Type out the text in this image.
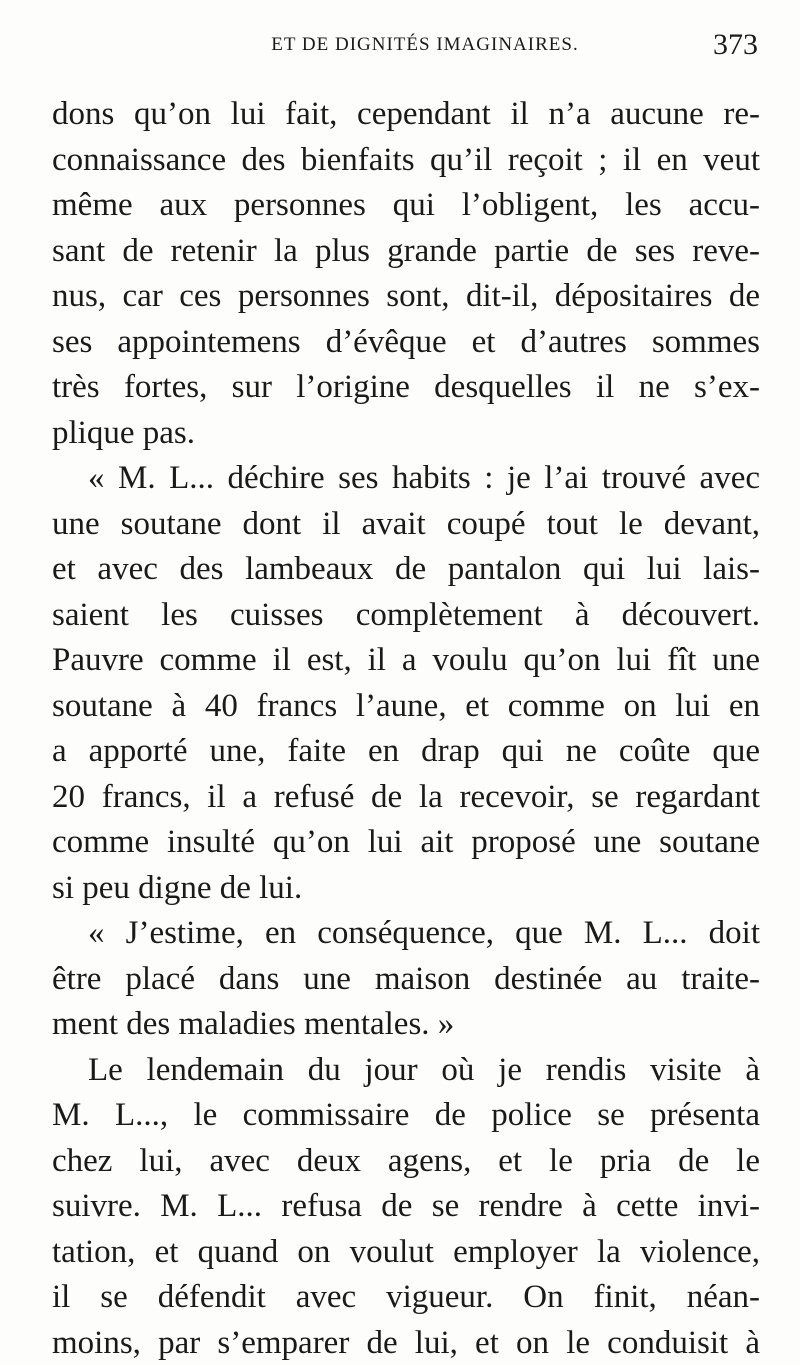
ET DE DIGNITÉS IMAGINAIRES.	373
dons qu’on lui fait, cependant il n’a aucune re-
connaissance des bienfaits qu’il reçoit ; il en veut
même aux personnes qui l’obligent, les accu-
sant de retenir la plus grande partie de ses reve-
nus, car ces personnes sont, dit-il, dépositaires de
ses appointemens d’évêque et d’autres sommes
très fortes, sur l’origine desquelles il ne s’ex-
plique pas.
« M. L... déchire ses habits : je l’ai trouvé avec
une soutane dont il avait coupé tout le devant,
et avec des lambeaux de pantalon qui lui lais-
saient les cuisses complètement à découvert.
Pauvre comme il est, il a voulu qu’on lui fît une
soutane à 40 francs l’aune, et comme on lui en
a apporté une, faite en drap qui ne coûte que
20 francs, il a refusé de la recevoir, se regardant
comme insulté qu’on lui ait proposé une soutane
si peu digne de lui.
« J’estime, en conséquence, que M. L... doit
être placé dans une maison destinée au traite-
ment des maladies mentales. »
Le lendemain du jour où je rendis visite à
M. L..., le commissaire de police se présenta
chez lui, avec deux agens, et le pria de le
suivre. M. L... refusa de se rendre à cette invi-
tation, et quand on voulut employer la violence,
il se défendit avec vigueur. On finit, néan-
moins, par s’emparer de lui, et on le conduisit à
